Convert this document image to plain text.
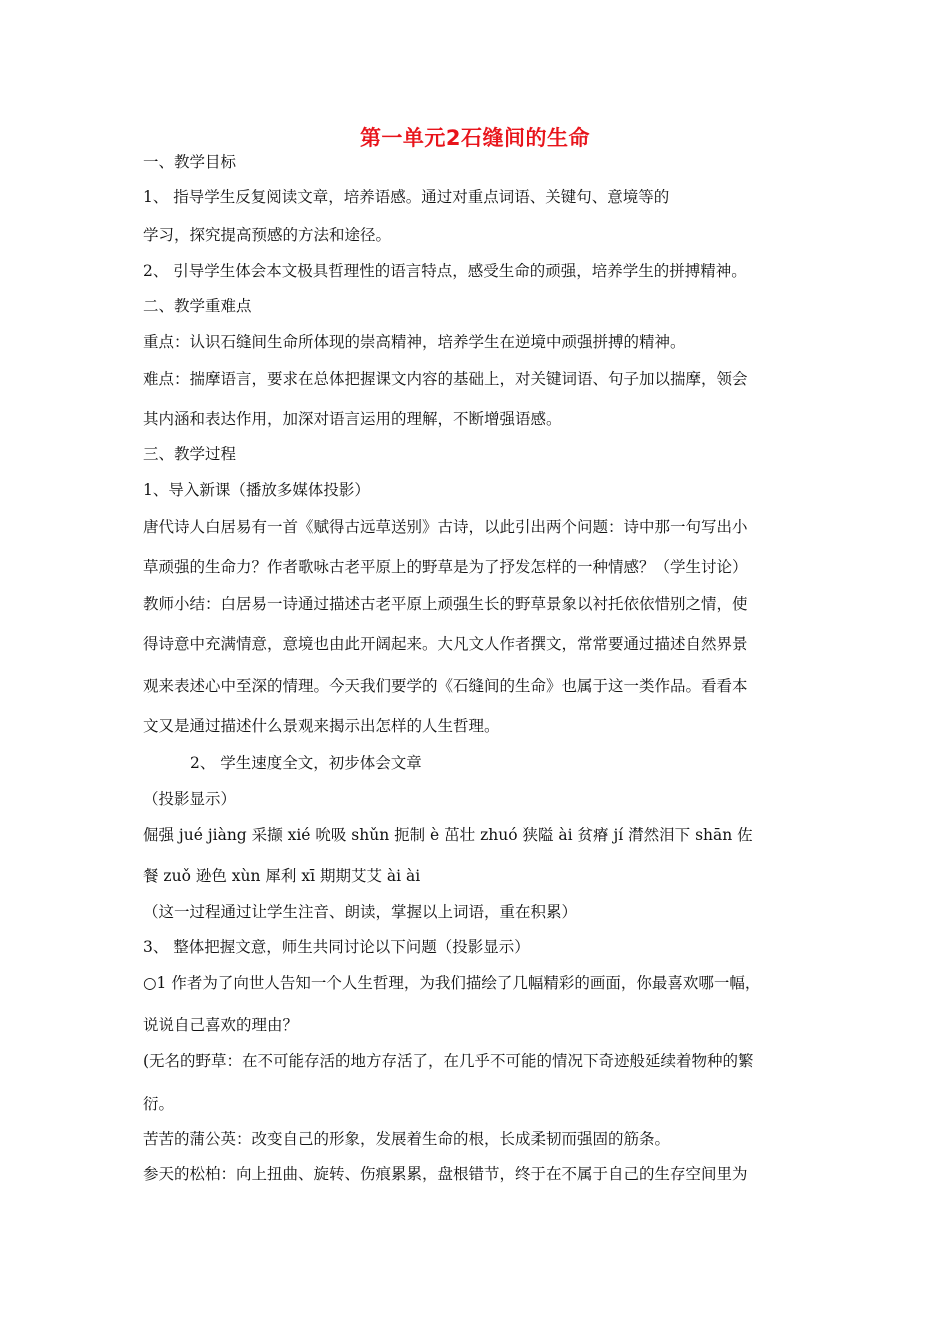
第一单元2石缝间的生命
一、教学目标
1、 指导学生反复阅读文章，培养语感。通过对重点词语、关键句、意境等的
学习，探究提高预感的方法和途径。
2、 引导学生体会本文极具哲理性的语言特点，感受生命的顽强，培养学生的拼搏精神。
二、教学重难点
重点：认识石缝间生命所体现的崇高精神，培养学生在逆境中顽强拼搏的精神。
难点：揣摩语言，要求在总体把握课文内容的基础上，对关键词语、句子加以揣摩，领会
其内涵和表达作用，加深对语言运用的理解，不断增强语感。
三、教学过程
1、导入新课（播放多媒体投影）
唐代诗人白居易有一首《赋得古远草送别》古诗，以此引出两个问题：诗中那一句写出小
草顽强的生命力？作者歌咏古老平原上的野草是为了抒发怎样的一种情感？（学生讨论）
教师小结：白居易一诗通过描述古老平原上顽强生长的野草景象以衬托依依惜别之情，使
得诗意中充满情意，意境也由此开阔起来。大凡文人作者撰文，常常要通过描述自然界景
观来表述心中至深的情理。今天我们要学的《石缝间的生命》也属于这一类作品。看看本
文又是通过描述什么景观来揭示出怎样的人生哲理。
2、 学生速度全文，初步体会文章
（投影显示）
倔强 jué jiàng 采撷 xié 吮吸 shǔn 扼制 è 茁壮 zhuó 狭隘 ài 贫瘠 jí 潸然泪下 shān 佐
餐 zuǒ 逊色 xùn 犀利 xī 期期艾艾 ài ài
（这一过程通过让学生注音、朗读，掌握以上词语，重在积累）
3、 整体把握文意，师生共同讨论以下问题（投影显示）
○1 作者为了向世人告知一个人生哲理，为我们描绘了几幅精彩的画面，你最喜欢哪一幅，
说说自己喜欢的理由？
(无名的野草：在不可能存活的地方存活了，在几乎不可能的情况下奇迹般延续着物种的繁
衍。
苦苦的蒲公英：改变自己的形象，发展着生命的根，长成柔韧而强固的筋条。
参天的松柏：向上扭曲、旋转、伤痕累累，盘根错节，终于在不属于自己的生存空间里为
